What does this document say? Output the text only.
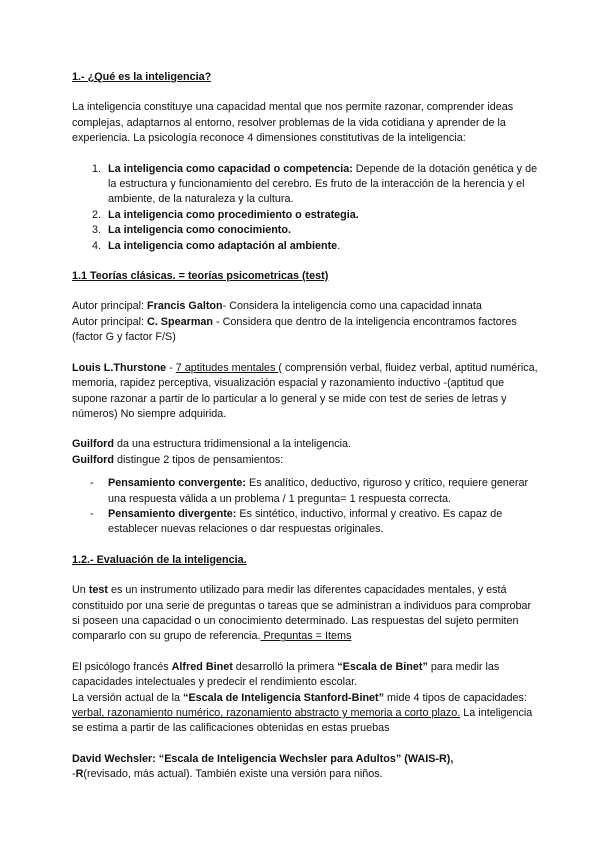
1.- ¿Qué es la inteligencia?

La inteligencia constituye una capacidad mental que nos permite razonar, comprender ideas complejas, adaptarnos al entorno, resolver problemas de la vida cotidiana y aprender de la experiencia. La psicología reconoce 4 dimensiones constitutivas de la inteligencia:

1. La inteligencia como capacidad o competencia: Depende de la dotación genética y de la estructura y funcionamiento del cerebro. Es fruto de la interacción de la herencia y el ambiente, de la naturaleza y la cultura.
2. La inteligencia como procedimiento o estrategia.
3. La inteligencia como conocimiento.
4. La inteligencia como adaptación al ambiente.

1.1 Teorías clásicas. = teorías psicometricas (test)

Autor principal: Francis Galton- Considera la inteligencia como una capacidad innata

Autor principal: C. Spearman - Considera que dentro de la inteligencia encontramos factores (factor G y factor F/S)

Louis L.Thurstone - 7 aptitudes mentales ( comprensión verbal, fluidez verbal, aptitud numérica, memoria, rapidez perceptiva, visualización espacial y razonamiento inductivo -(aptitud que supone razonar a partir de lo particular a lo general y se mide con test de series de letras y números) No siempre adquirida.

Guilford da una estructura tridimensional a la inteligencia.

Guilford distingue 2 tipos de pensamientos:

- Pensamiento convergente: Es analítico, deductivo, riguroso y crítico, requiere generar una respuesta válida a un problema / 1 pregunta= 1 respuesta correcta.
- Pensamiento divergente: Es sintético, inductivo, informal y creativo. Es capaz de establecer nuevas relaciones o dar respuestas originales.

1.2.- Evaluación de la inteligencia.

Un test es un instrumento utilizado para medir las diferentes capacidades mentales, y está constituido por una serie de preguntas o tareas que se administran a individuos para comprobar si poseen una capacidad o un conocimiento determinado. Las respuestas del sujeto permiten compararlo con su grupo de referencia. Preguntas = Items

El psicólogo francés Alfred Binet desarrolló la primera “Escala de Binet” para medir las capacidades intelectuales y predecir el rendimiento escolar.

La versión actual de la “Escala de Inteligencia Stanford-Binet” mide 4 tipos de capacidades: verbal, razonamiento numérico, razonamiento abstracto y memoria a corto plazo. La inteligencia se estima a partir de las calificaciones obtenidas en estas pruebas

David Wechsler: “Escala de Inteligencia Wechsler para Adultos” (WAIS-R),

-R(revisado, más actual). También existe una versión para niños.
